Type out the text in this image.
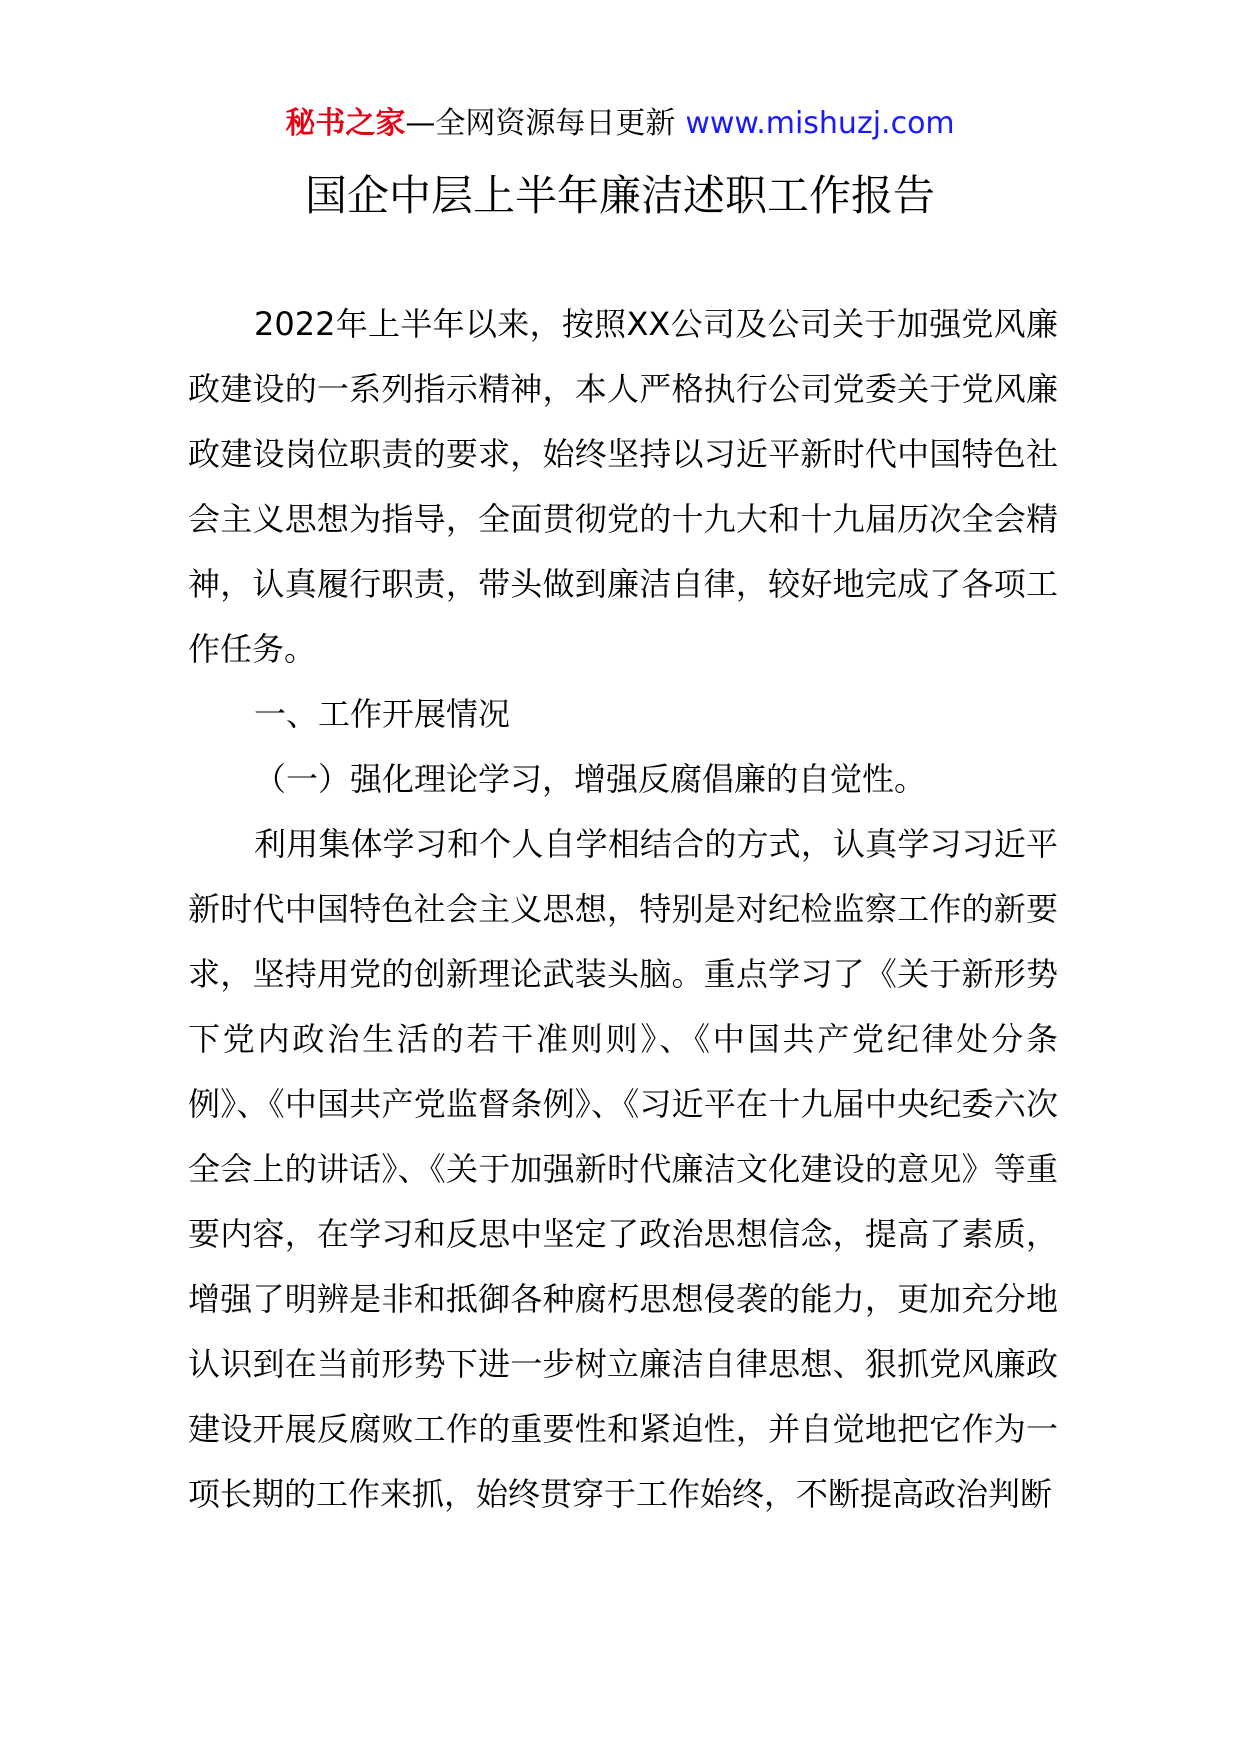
秘书之家—全网资源每日更新 www.mishuzj.com
国企中层上半年廉洁述职工作报告

2022年上半年以来，按照XX公司及公司关于加强党风廉政建设的一系列指示精神，本人严格执行公司党委关于党风廉政建设岗位职责的要求，始终坚持以习近平新时代中国特色社会主义思想为指导，全面贯彻党的十九大和十九届历次全会精神，认真履行职责，带头做到廉洁自律，较好地完成了各项工作任务。

一、工作开展情况

（一）强化理论学习，增强反腐倡廉的自觉性。

利用集体学习和个人自学相结合的方式，认真学习习近平新时代中国特色社会主义思想，特别是对纪检监察工作的新要求，坚持用党的创新理论武装头脑。重点学习了《关于新形势下党内政治生活的若干准则则》、《中国共产党纪律处分条例》、《中国共产党监督条例》、《习近平在十九届中央纪委六次全会上的讲话》、《关于加强新时代廉洁文化建设的意见》等重要内容，在学习和反思中坚定了政治思想信念，提高了素质，增强了明辨是非和抵御各种腐朽思想侵袭的能力，更加充分地认识到在当前形势下进一步树立廉洁自律思想、狠抓党风廉政建设开展反腐败工作的重要性和紧迫性，并自觉地把它作为一项长期的工作来抓，始终贯穿于工作始终，不断提高政治判断
